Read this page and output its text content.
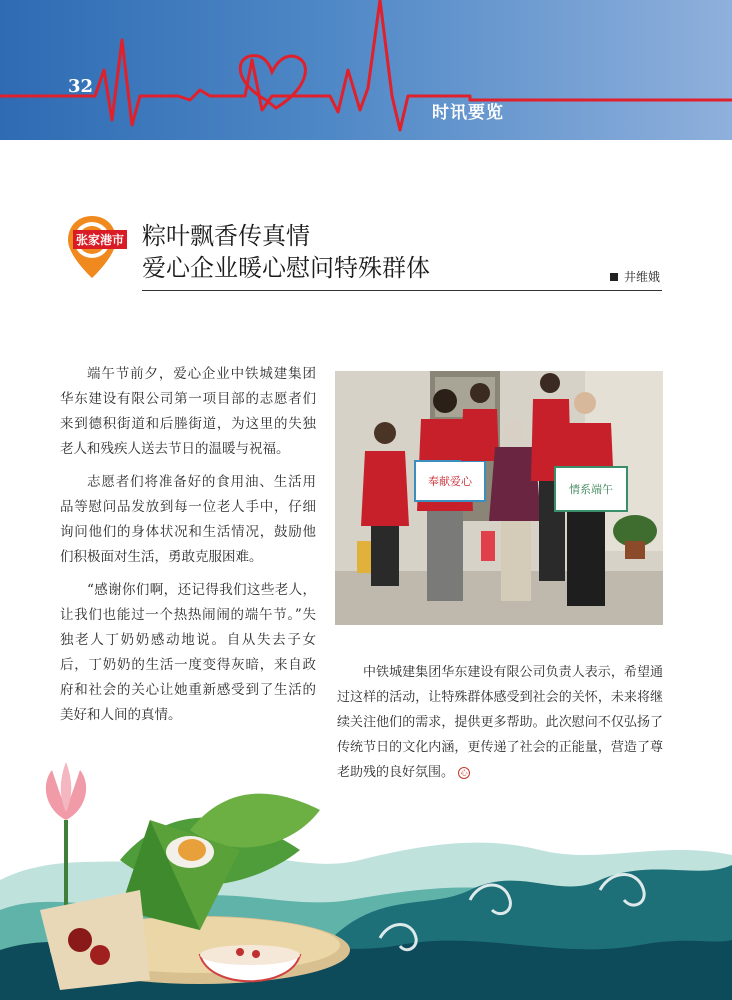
32
时讯要览
张家港市 粽叶飘香传真情
爱心企业暖心慰问特殊群体	井维娥

端午节前夕，爱心企业中铁城建集团华东建设有限公司第一项目部的志愿者们来到德积街道和后塍街道，为这里的失独老人和残疾人送去节日的温暖与祝福。

志愿者们将准备好的食用油、生活用品等慰问品发放到每一位老人手中，仔细询问他们的身体状况和生活情况，鼓励他们积极面对生活，勇敢克服困难。

“感谢你们啊，还记得我们这些老人，让我们也能过一个热热闹闹的端午节。”失独老人丁奶奶感动地说。自从失去子女后，丁奶奶的生活一度变得灰暗，来自政府和社会的关心让她重新感受到了生活的美好和人间的真情。

奉献爱心
情系端午

中铁城建集团华东建设有限公司负责人表示，希望通过这样的活动，让特殊群体感受到社会的关怀，未来将继续关注他们的需求，提供更多帮助。此次慰问不仅弘扬了传统节日的文化内涵，更传递了社会的正能量，营造了尊老助残的良好氛围。 心
